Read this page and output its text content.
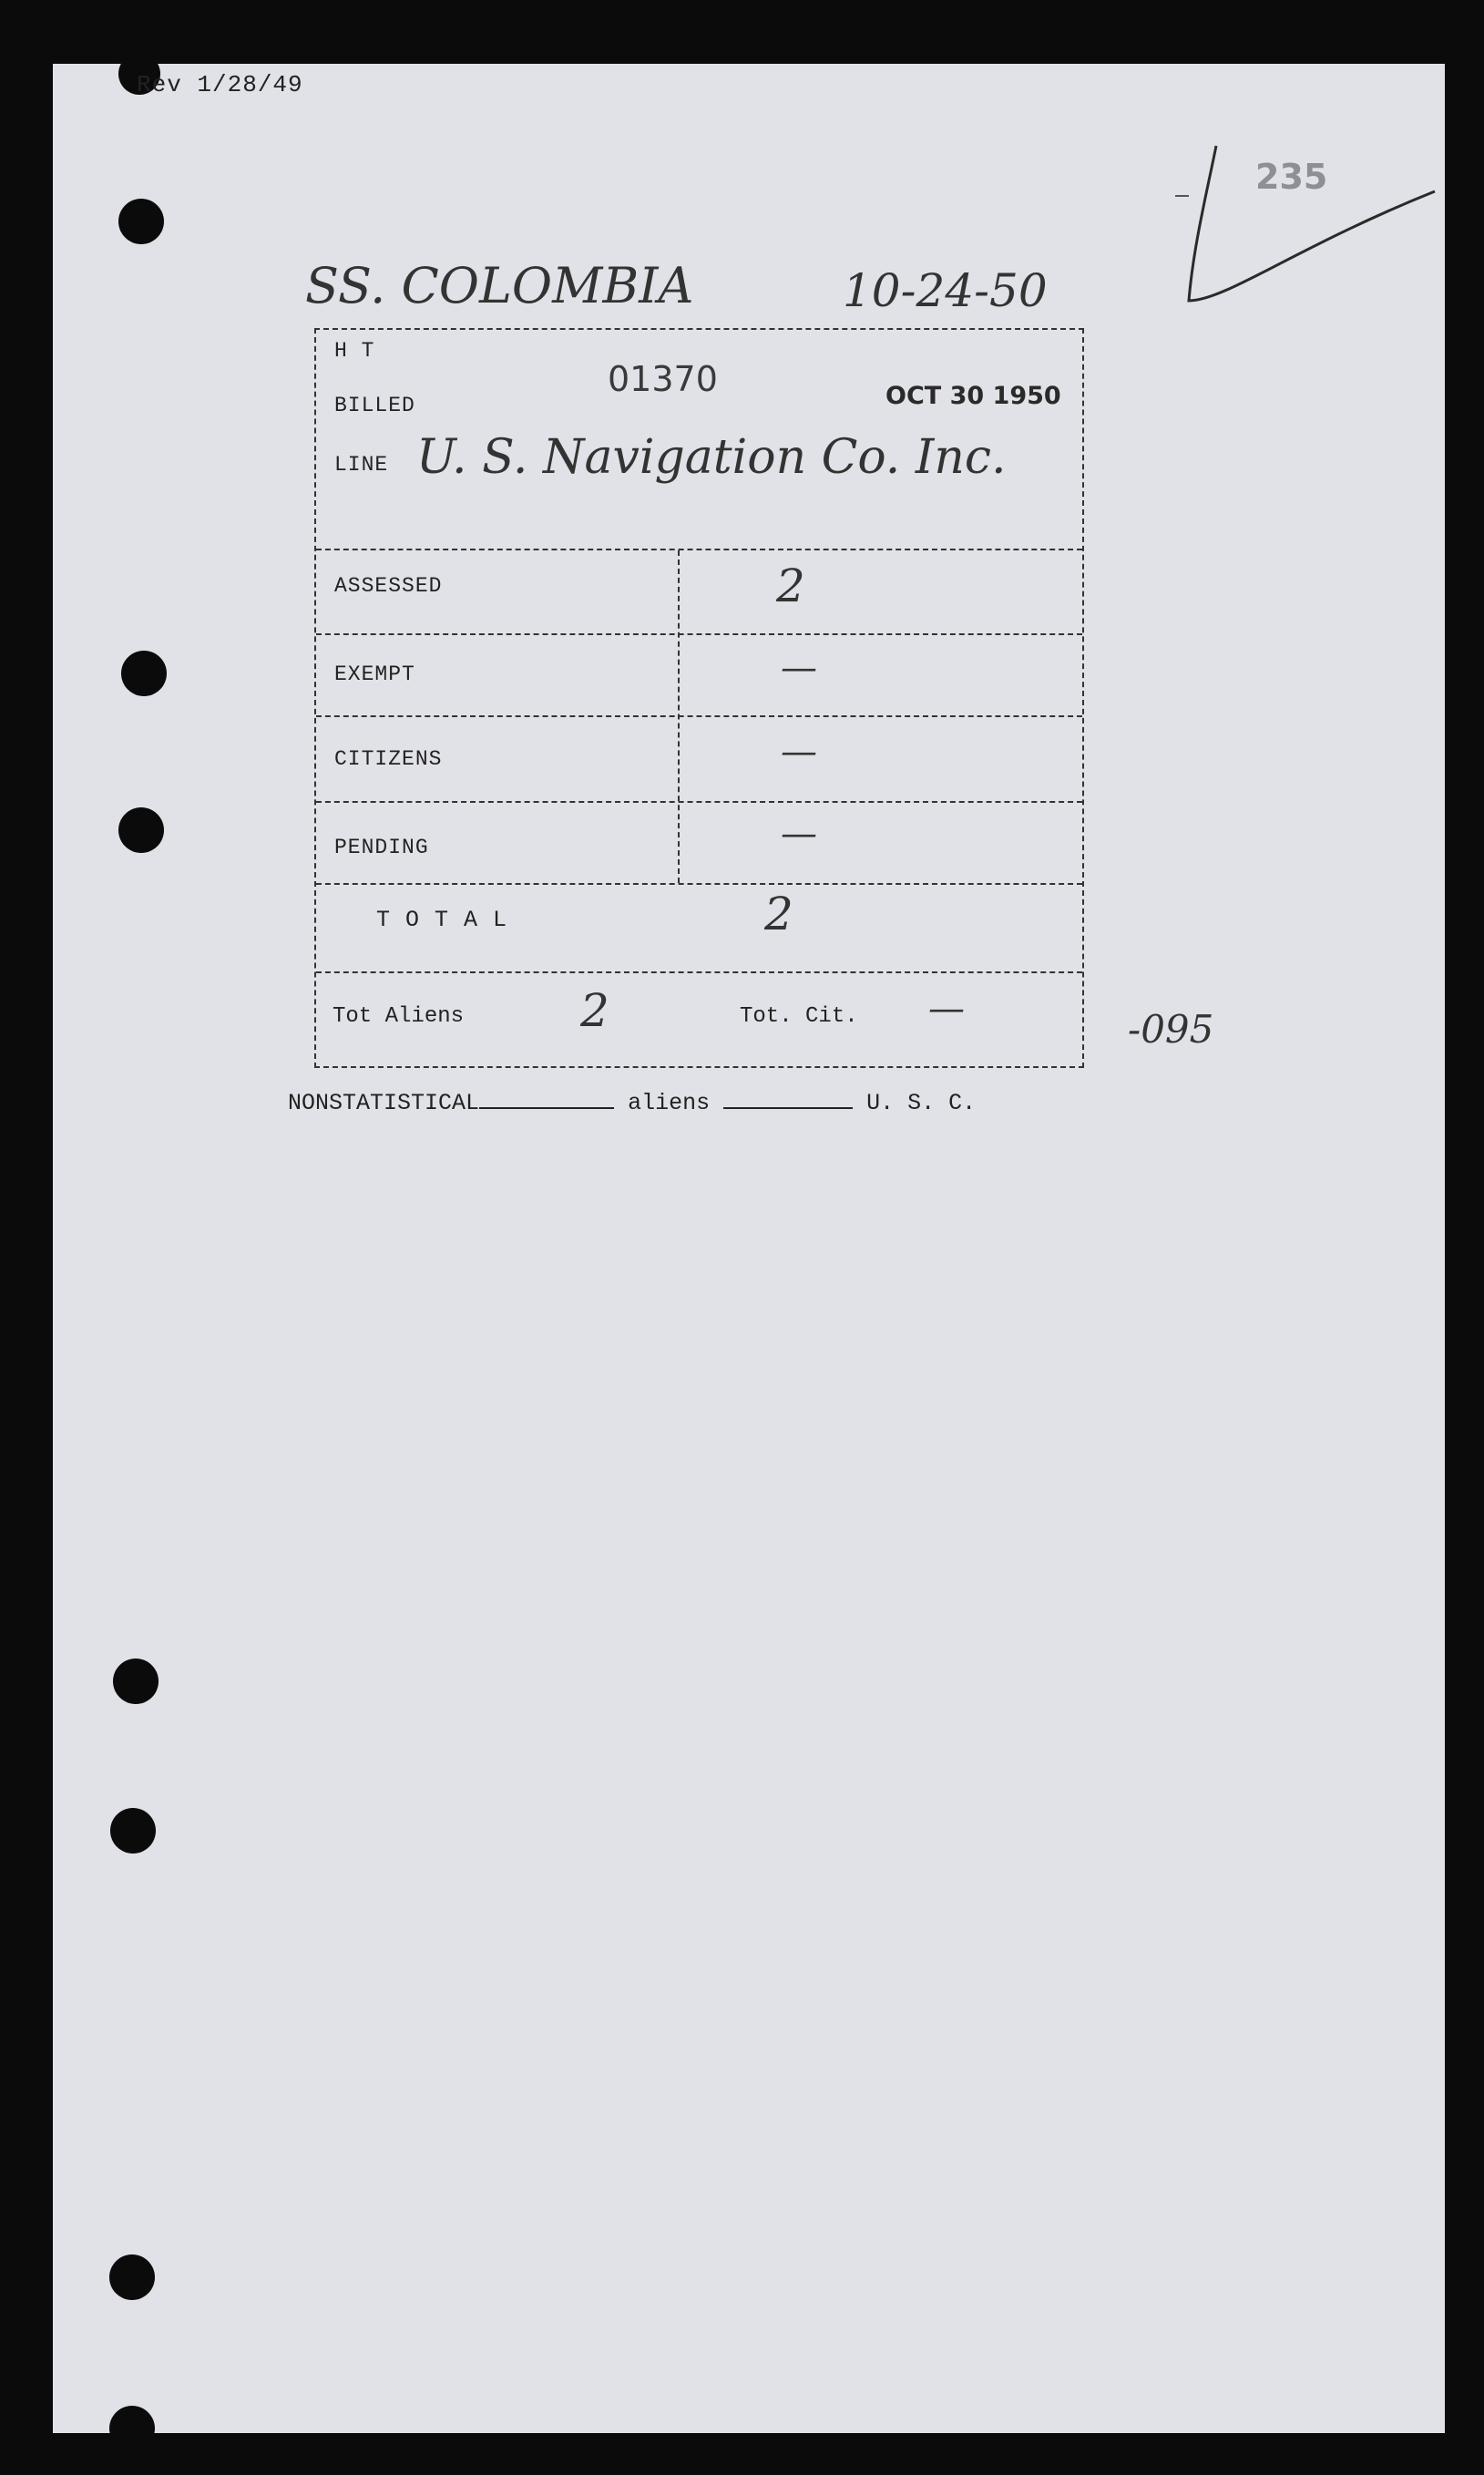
Rev 1/28/49
235
SS. COLOMBIA	10-24-50
H T
BILLED
01370	OCT 30 1950
LINE U. S. Navigation Co. Inc.
ASSESSED	2
EXEMPT	—
CITIZENS	—
PENDING	—
T O T A L	2
Tot Aliens	2	Tot. Cit. —	-095
NONSTATISTICAL	aliens	U. S. C.
